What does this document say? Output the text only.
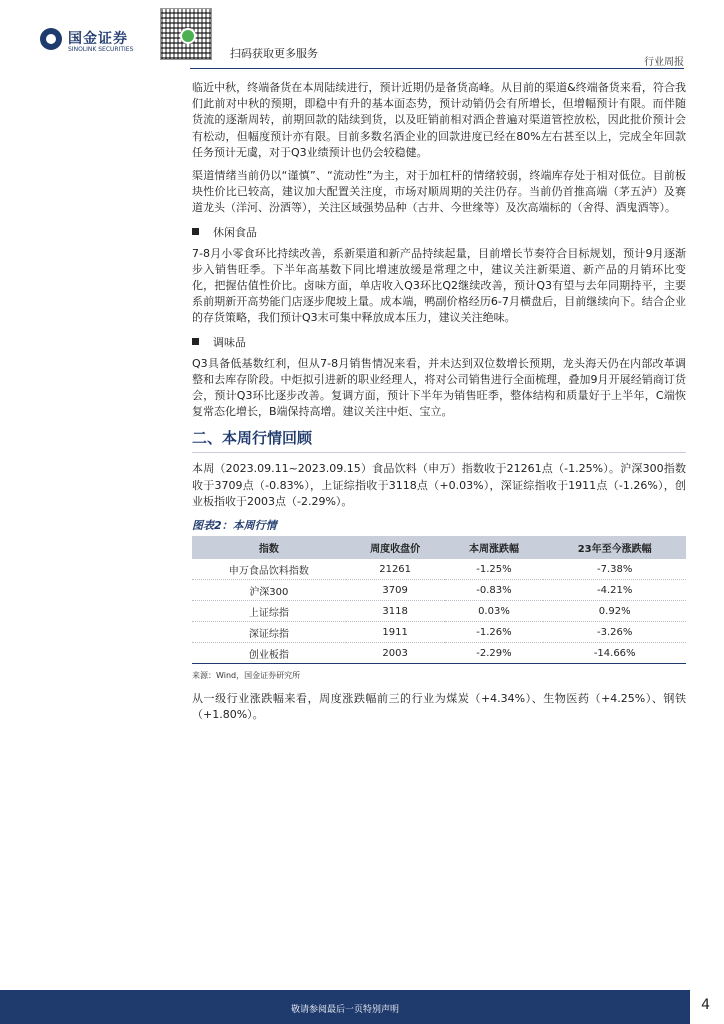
国金证券
SINOLINK SECURITIES	扫码获取更多服务
行业周报

临近中秋，终端备货在本周陆续进行，预计近期仍是备货高峰。从目前的渠道&终端备货来看，符合我们此前对中秋的预期，即稳中有升的基本面态势，预计动销仍会有所增长，但增幅预计有限。而伴随货流的逐渐周转，前期回款的陆续到货，以及旺销前相对酒企普遍对渠道管控放松，因此批价预计会有松动，但幅度预计亦有限。目前多数名酒企业的回款进度已经在80%左右甚至以上，完成全年回款任务预计无虞，对于Q3业绩预计也仍会较稳健。

渠道情绪当前仍以“谨慎”、“流动性”为主，对于加杠杆的情绪较弱，终端库存处于相对低位。目前板块性价比已较高，建议加大配置关注度，市场对顺周期的关注仍存。当前仍首推高端（茅五泸）及赛道龙头（洋河、汾酒等），关注区域强势品种（古井、今世缘等）及次高端标的（舍得、酒鬼酒等）。

休闲食品

7-8月小零食环比持续改善，系新渠道和新产品持续起量，目前增长节奏符合目标规划，预计9月逐渐步入销售旺季。下半年高基数下同比增速放缓是常理之中，建议关注新渠道、新产品的月销环比变化，把握估值性价比。卤味方面，单店收入Q3环比Q2继续改善，预计Q3有望与去年同期持平，主要系前期新开高势能门店逐步爬坡上量。成本端，鸭副价格经历6-7月横盘后，目前继续向下。结合企业的存货策略，我们预计Q3末可集中释放成本压力，建议关注绝味。

调味品

Q3具备低基数红利，但从7-8月销售情况来看，并未达到双位数增长预期，龙头海天仍在内部改革调整和去库存阶段。中炬拟引进新的职业经理人，将对公司销售进行全面梳理，叠加9月开展经销商订货会，预计Q3环比逐步改善。复调方面，预计下半年为销售旺季，整体结构和质量好于上半年，C端恢复常态化增长，B端保持高增。建议关注中炬、宝立。

二、本周行情回顾

本周（2023.09.11~2023.09.15）食品饮料（申万）指数收于21261点（-1.25%）。沪深300指数收于3709点（-0.83%），上证综指收于3118点（+0.03%），深证综指收于1911点（-1.26%），创业板指收于2003点（-2.29%）。

图表2：本周行情
指数	周度收盘价	本周涨跌幅	23年至今涨跌幅
申万食品饮料指数	21261	-1.25%	-7.38%
沪深300	3709	-0.83%	-4.21%
上证综指	3118	0.03%	0.92%
深证综指	1911	-1.26%	-3.26%
创业板指	2003	-2.29%	-14.66%
来源：Wind，国金证券研究所

从一级行业涨跌幅来看，周度涨跌幅前三的行业为煤炭（+4.34%）、生物医药（+4.25%）、钢铁（+1.80%）。

敬请参阅最后一页特别声明	4
